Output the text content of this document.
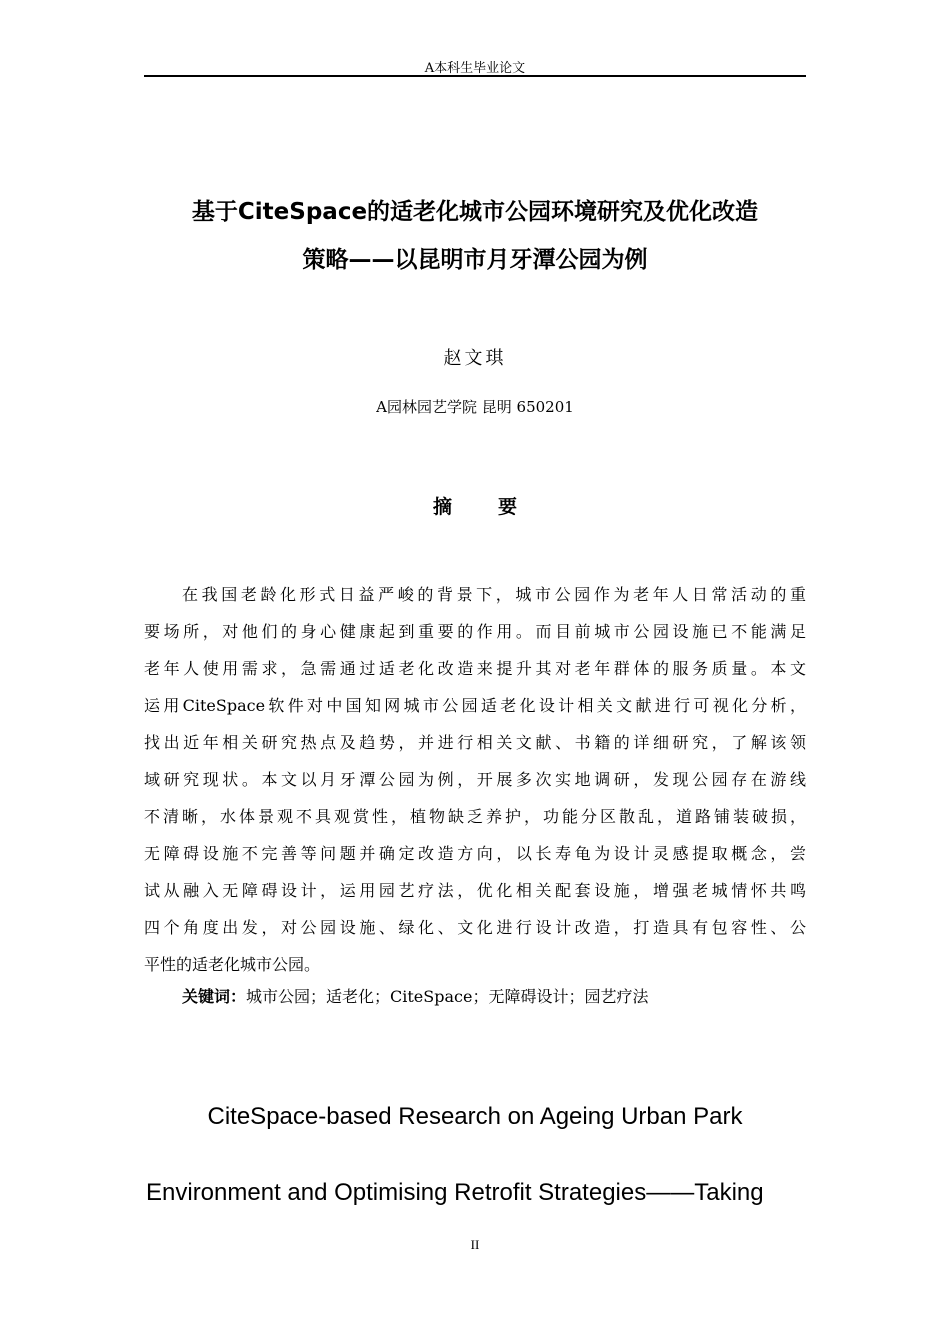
A本科生毕业论文
基于CiteSpace的适老化城市公园环境研究及优化改造
策略——以昆明市月牙潭公园为例
赵文琪
A园林园艺学院 昆明 650201
摘 要
在我国老龄化形式日益严峻的背景下，城市公园作为老年人日常活动的重
要场所，对他们的身心健康起到重要的作用。而目前城市公园设施已不能满足
老年人使用需求，急需通过适老化改造来提升其对老年群体的服务质量。本文
运用CiteSpace软件对中国知网城市公园适老化设计相关文献进行可视化分析，
找出近年相关研究热点及趋势，并进行相关文献、书籍的详细研究，了解该领
域研究现状。本文以月牙潭公园为例，开展多次实地调研，发现公园存在游线
不清晰，水体景观不具观赏性，植物缺乏养护，功能分区散乱，道路铺装破损，
无障碍设施不完善等问题并确定改造方向，以长寿龟为设计灵感提取概念，尝
试从融入无障碍设计，运用园艺疗法，优化相关配套设施，增强老城情怀共鸣
四个角度出发，对公园设施、绿化、文化进行设计改造，打造具有包容性、公
平性的适老化城市公园。
关键词：城市公园；适老化；CiteSpace；无障碍设计；园艺疗法
CiteSpace-based Research on Ageing Urban Park
Environment and Optimising Retrofit Strategies——Taking
II
